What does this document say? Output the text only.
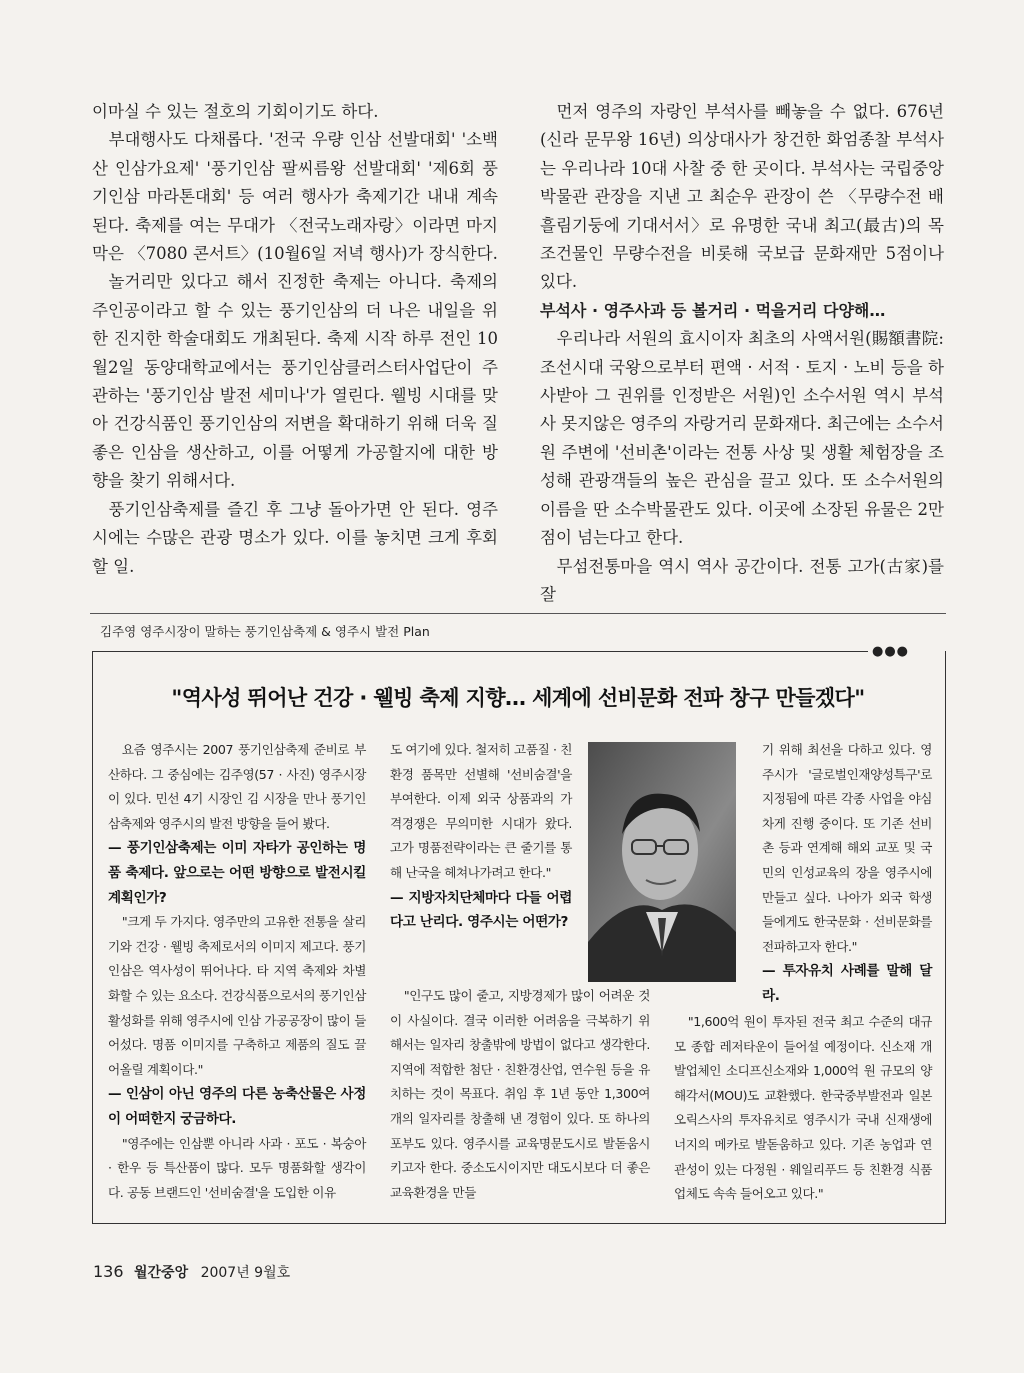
이마실 수 있는 절호의 기회이기도 하다.

부대행사도 다채롭다. '전국 우량 인삼 선발대회' '소백산 인삼가요제' '풍기인삼 팔씨름왕 선발대회' '제6회 풍기인삼 마라톤대회' 등 여러 행사가 축제기간 내내 계속된다. 축제를 여는 무대가 〈전국노래자랑〉이라면 마지막은 〈7080 콘서트〉(10월6일 저녁 행사)가 장식한다.

놀거리만 있다고 해서 진정한 축제는 아니다. 축제의 주인공이라고 할 수 있는 풍기인삼의 더 나은 내일을 위한 진지한 학술대회도 개최된다. 축제 시작 하루 전인 10월2일 동양대학교에서는 풍기인삼클러스터사업단이 주관하는 '풍기인삼 발전 세미나'가 열린다. 웰빙 시대를 맞아 건강식품인 풍기인삼의 저변을 확대하기 위해 더욱 질 좋은 인삼을 생산하고, 이를 어떻게 가공할지에 대한 방향을 찾기 위해서다.

풍기인삼축제를 즐긴 후 그냥 돌아가면 안 된다. 영주시에는 수많은 관광 명소가 있다. 이를 놓치면 크게 후회할 일.

먼저 영주의 자랑인 부석사를 빼놓을 수 없다. 676년(신라 문무왕 16년) 의상대사가 창건한 화엄종찰 부석사는 우리나라 10대 사찰 중 한 곳이다. 부석사는 국립중앙박물관 관장을 지낸 고 최순우 관장이 쓴 〈무량수전 배흘림기둥에 기대서서〉로 유명한 국내 최고(最古)의 목조건물인 무량수전을 비롯해 국보급 문화재만 5점이나 있다.

부석사 · 영주사과 등 볼거리 · 먹을거리 다양해…

우리나라 서원의 효시이자 최초의 사액서원(賜額書院: 조선시대 국왕으로부터 편액 · 서적 · 토지 · 노비 등을 하사받아 그 권위를 인정받은 서원)인 소수서원 역시 부석사 못지않은 영주의 자랑거리 문화재다. 최근에는 소수서원 주변에 '선비촌'이라는 전통 사상 및 생활 체험장을 조성해 관광객들의 높은 관심을 끌고 있다. 또 소수서원의 이름을 딴 소수박물관도 있다. 이곳에 소장된 유물은 2만 점이 넘는다고 한다.

무섬전통마을 역시 역사 공간이다. 전통 고가(古家)를 잘

김주영 영주시장이 말하는 풍기인삼축제 & 영주시 발전 Plan
●●●
"역사성 뛰어난 건강 · 웰빙 축제 지향… 세계에 선비문화 전파 창구 만들겠다"

요즘 영주시는 2007 풍기인삼축제 준비로 부산하다. 그 중심에는 김주영(57 · 사진) 영주시장이 있다. 민선 4기 시장인 김 시장을 만나 풍기인삼축제와 영주시의 발전 방향을 들어 봤다.

— 풍기인삼축제는 이미 자타가 공인하는 명품 축제다. 앞으로는 어떤 방향으로 발전시킬 계획인가?

"크게 두 가지다. 영주만의 고유한 전통을 살리기와 건강 · 웰빙 축제로서의 이미지 제고다. 풍기인삼은 역사성이 뛰어나다. 타 지역 축제와 차별화할 수 있는 요소다. 건강식품으로서의 풍기인삼 활성화를 위해 영주시에 인삼 가공공장이 많이 들어섰다. 명품 이미지를 구축하고 제품의 질도 끌어올릴 계획이다."

— 인삼이 아닌 영주의 다른 농축산물은 사정이 어떠한지 궁금하다.

"영주에는 인삼뿐 아니라 사과 · 포도 · 복숭아 · 한우 등 특산품이 많다. 모두 명품화할 생각이다. 공동 브랜드인 '선비숨결'을 도입한 이유

도 여기에 있다. 철저히 고품질 · 친환경 품목만 선별해 '선비숨결'을 부여한다. 이제 외국 상품과의 가격경쟁은 무의미한 시대가 왔다. 고가 명품전략이라는 큰 줄기를 통해 난국을 헤쳐나가려고 한다."

— 지방자치단체마다 다들 어렵다고 난리다. 영주시는 어떤가?

"인구도 많이 줄고, 지방경제가 많이 어려운 것이 사실이다. 결국 이러한 어려움을 극복하기 위해서는 일자리 창출밖에 방법이 없다고 생각한다. 지역에 적합한 첨단 · 친환경산업, 연수원 등을 유치하는 것이 목표다. 취임 후 1년 동안 1,300여 개의 일자리를 창출해 낸 경험이 있다. 또 하나의 포부도 있다. 영주시를 교육명문도시로 발돋움시키고자 한다. 중소도시이지만 대도시보다 더 좋은 교육환경을 만들

기 위해 최선을 다하고 있다. 영주시가 '글로벌인재양성특구'로 지정됨에 따른 각종 사업을 야심 차게 진행 중이다. 또 기존 선비촌 등과 연계해 해외 교포 및 국민의 인성교육의 장을 영주시에 만들고 싶다. 나아가 외국 학생들에게도 한국문화 · 선비문화를 전파하고자 한다."

— 투자유치 사례를 말해 달라.

"1,600억 원이 투자된 전국 최고 수준의 대규모 종합 레저타운이 들어설 예정이다. 신소재 개발업체인 소디프신소재와 1,000억 원 규모의 양해각서(MOU)도 교환했다. 한국중부발전과 일본 오릭스사의 투자유치로 영주시가 국내 신재생에너지의 메카로 발돋움하고 있다. 기존 농업과 연관성이 있는 다정원 · 웨일리푸드 등 친환경 식품업체도 속속 들어오고 있다."

136 월간중앙 2007년 9월호
